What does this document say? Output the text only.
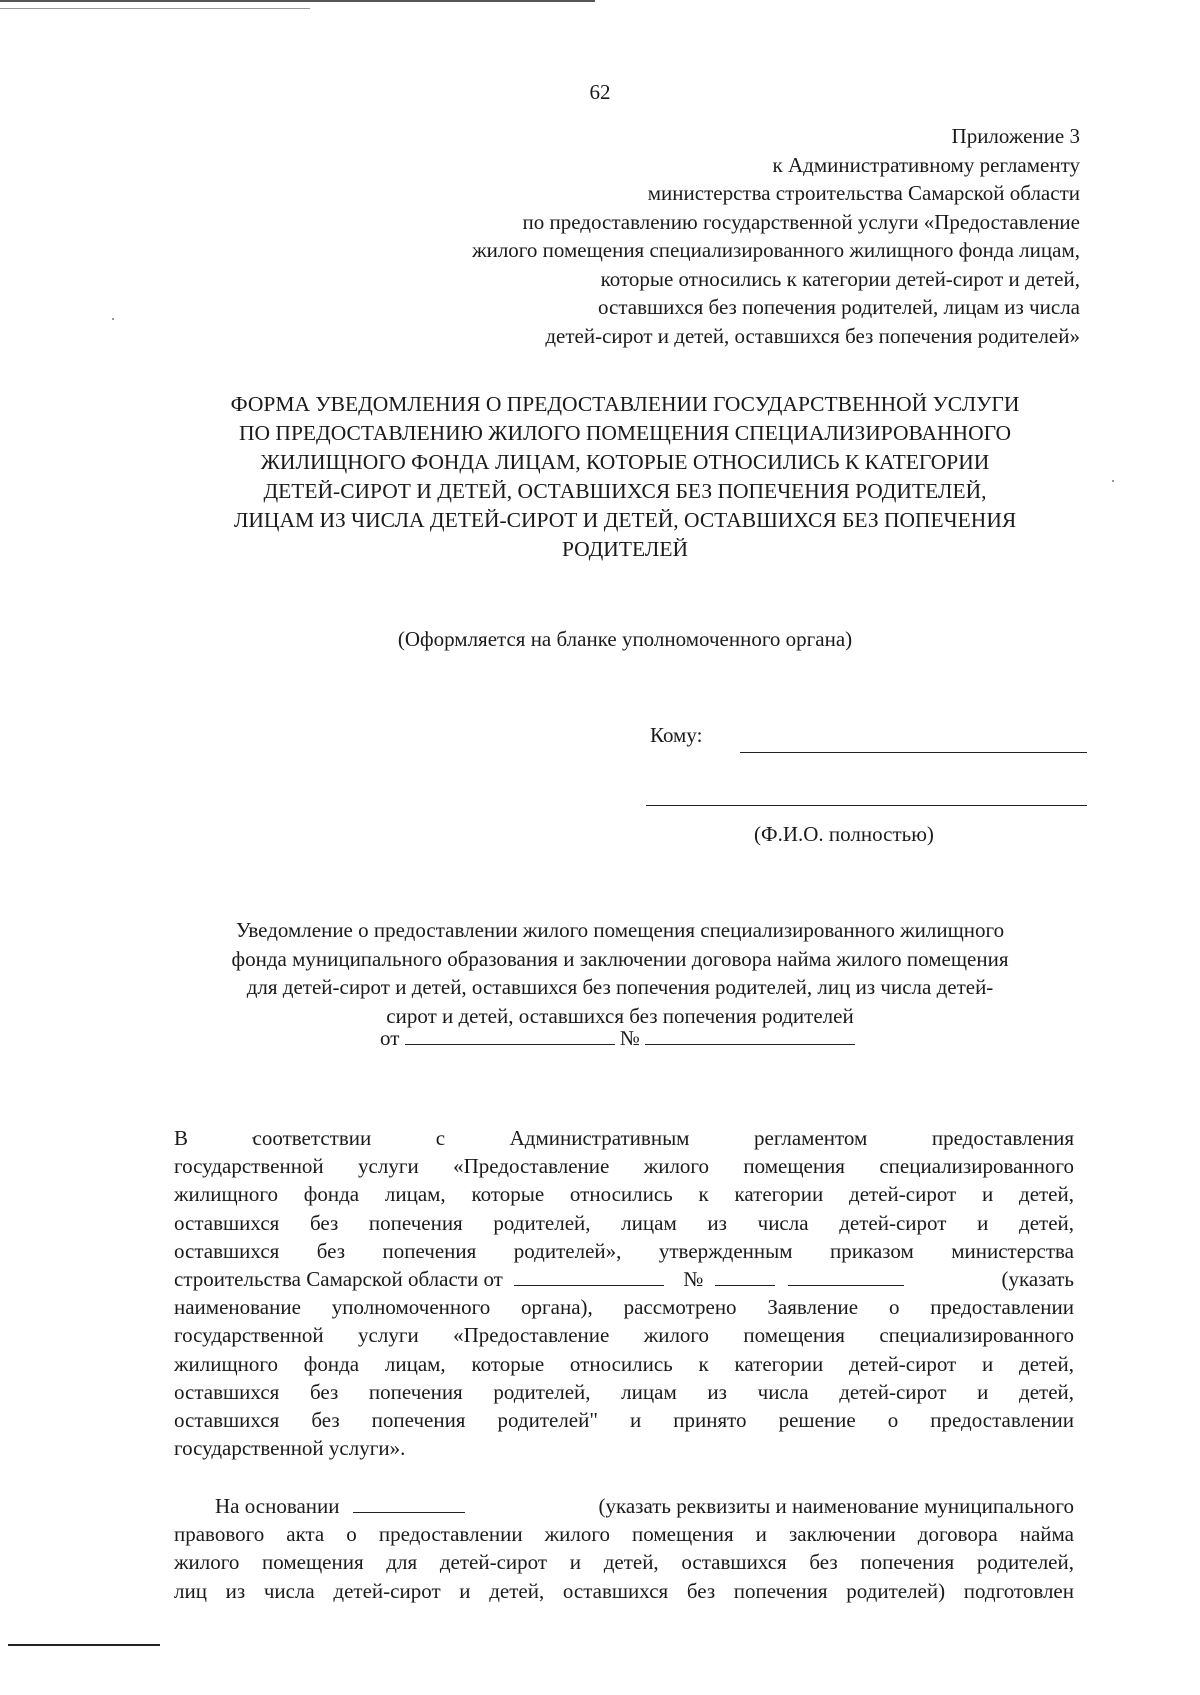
62
Приложение 3
к Административному регламенту
министерства строительства Самарской области
по предоставлению государственной услуги «Предоставление
жилого помещения специализированного жилищного фонда лицам,
которые относились к категории детей-сирот и детей,
оставшихся без попечения родителей, лицам из числа
детей-сирот и детей, оставшихся без попечения родителей»
ФОРМА УВЕДОМЛЕНИЯ О ПРЕДОСТАВЛЕНИИ ГОСУДАРСТВЕННОЙ УСЛУГИ
ПО ПРЕДОСТАВЛЕНИЮ ЖИЛОГО ПОМЕЩЕНИЯ СПЕЦИАЛИЗИРОВАННОГО
ЖИЛИЩНОГО ФОНДА ЛИЦАМ, КОТОРЫЕ ОТНОСИЛИСЬ К КАТЕГОРИИ
ДЕТЕЙ-СИРОТ И ДЕТЕЙ, ОСТАВШИХСЯ БЕЗ ПОПЕЧЕНИЯ РОДИТЕЛЕЙ,
ЛИЦАМ ИЗ ЧИСЛА ДЕТЕЙ-СИРОТ И ДЕТЕЙ, ОСТАВШИХСЯ БЕЗ ПОПЕЧЕНИЯ
РОДИТЕЛЕЙ
(Оформляется на бланке уполномоченного органа)
Кому:
(Ф.И.О. полностью)
Уведомление о предоставлении жилого помещения специализированного жилищного
фонда муниципального образования и заключении договора найма жилого помещения
для детей-сирот и детей, оставшихся без попечения родителей, лиц из числа детей-
сирот и детей, оставшихся без попечения родителей
от	№
В соответствии с Административным регламентом предоставления
государственной услуги «Предоставление жилого помещения специализированного
жилищного фонда лицам, которые относились к категории детей-сирот и детей,
оставшихся без попечения родителей, лицам из числа детей-сирот и детей,
оставшихся без попечения родителей», утвержденным приказом министерства
строительства Самарской области от	№	(указать
наименование уполномоченного органа), рассмотрено Заявление о предоставлении
государственной услуги «Предоставление жилого помещения специализированного
жилищного фонда лицам, которые относились к категории детей-сирот и детей,
оставшихся без попечения родителей, лицам из числа детей-сирот и детей,
оставшихся без попечения родителей" и принято решение о предоставлении
государственной услуги».
На основании	(указать реквизиты и наименование муниципального
правового акта о предоставлении жилого помещения и заключении договора найма
жилого помещения для детей-сирот и детей, оставшихся без попечения родителей,
лиц из числа детей-сирот и детей, оставшихся без попечения родителей) подготовлен
